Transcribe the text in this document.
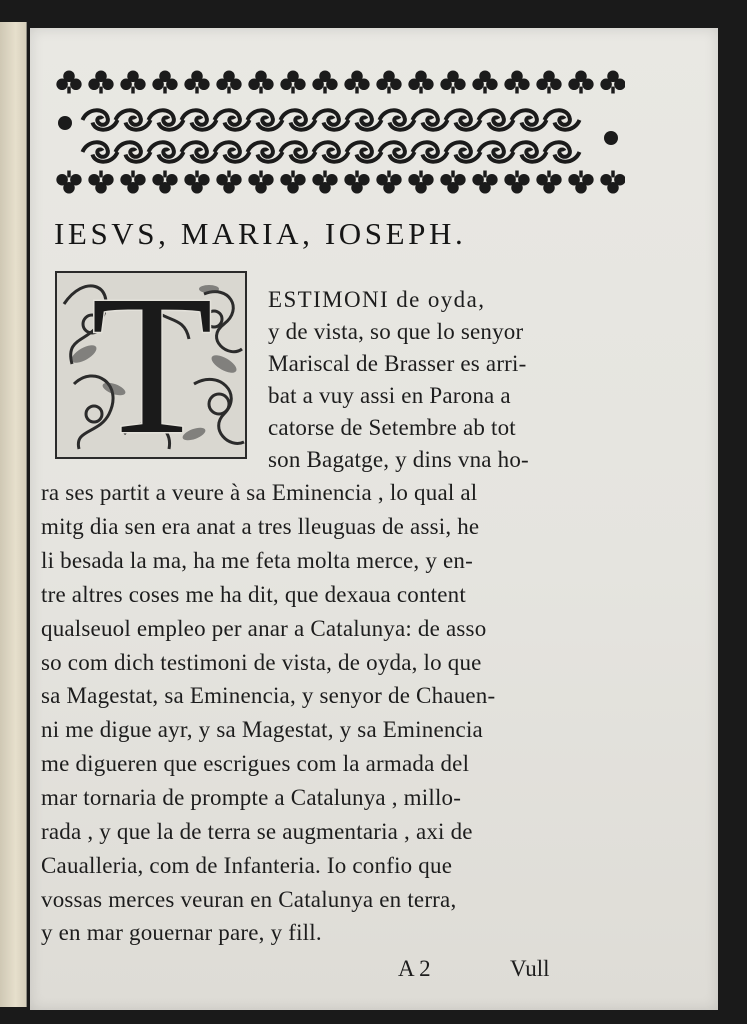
IESVS, MARIA, IOSEPH.
T ESTIMONI de oyda,

y de vista, so que lo senyor

Mariscal de Brasser es arri-

bat a vuy assi en Parona a

catorse de Setembre ab tot

son Bagatge, y dins vna ho-

ra ses partit a veure à sa Eminencia , lo qual al

mitg dia sen era anat a tres lleuguas de assi, he

li besada la ma, ha me feta molta merce, y en-

tre altres coses me ha dit, que dexaua content

qualseuol empleo per anar a Catalunya: de asso

so com dich testimoni de vista, de oyda, lo que

sa Magestat, sa Eminencia, y senyor de Chauen-

ni me digue ayr, y sa Magestat, y sa Eminencia

me digueren que escrigues com la armada del

mar tornaria de prompte a Catalunya , millo-

rada , y que la de terra se augmentaria , axi de

Caualleria, com de Infanteria. Io confio que

vossas merces veuran en Catalunya en terra,

y en mar gouernar pare, y fill.

A 2	Vull
